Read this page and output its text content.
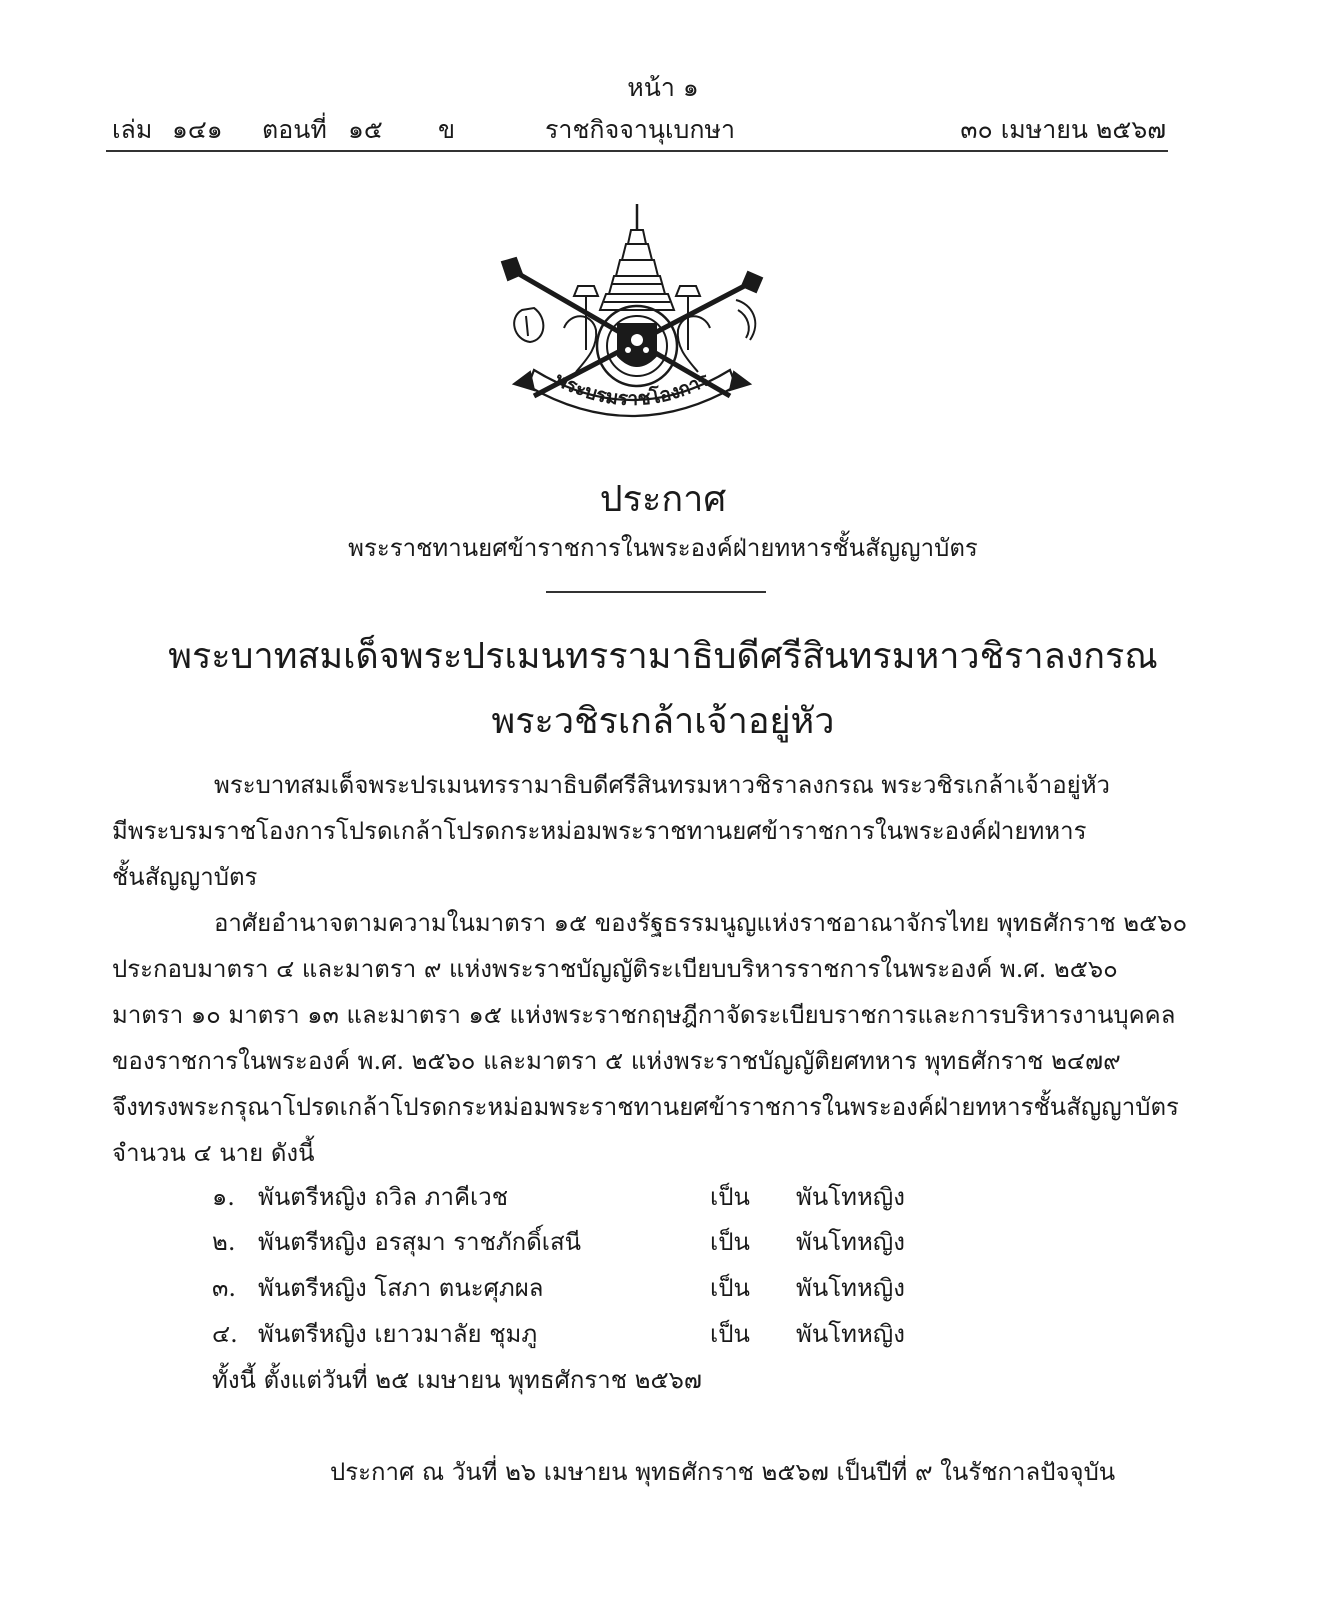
หน้า ๑
เล่ม ๑๔๑ ตอนที่ ๑๕ ข	ราชกิจจานุเบกษา	๓๐ เมษายน ๒๕๖๗
พระบรมราชโองการ
ประกาศ
พระราชทานยศข้าราชการในพระองค์ฝ่ายทหารชั้นสัญญาบัตร
พระบาทสมเด็จพระปรเมนทรรามาธิบดีศรีสินทรมหาวชิราลงกรณ
พระวชิรเกล้าเจ้าอยู่หัว
พระบาทสมเด็จพระปรเมนทรรามาธิบดีศรีสินทรมหาวชิราลงกรณ พระวชิรเกล้าเจ้าอยู่หัว
มีพระบรมราชโองการโปรดเกล้าโปรดกระหม่อมพระราชทานยศข้าราชการในพระองค์ฝ่ายทหาร
ชั้นสัญญาบัตร
อาศัยอำนาจตามความในมาตรา ๑๕ ของรัฐธรรมนูญแห่งราชอาณาจักรไทย พุทธศักราช ๒๕๖๐
ประกอบมาตรา ๔ และมาตรา ๙ แห่งพระราชบัญญัติระเบียบบริหารราชการในพระองค์ พ.ศ. ๒๕๖๐
มาตรา ๑๐ มาตรา ๑๓ และมาตรา ๑๕ แห่งพระราชกฤษฎีกาจัดระเบียบราชการและการบริหารงานบุคคล
ของราชการในพระองค์ พ.ศ. ๒๕๖๐ และมาตรา ๕ แห่งพระราชบัญญัติยศทหาร พุทธศักราช ๒๔๗๙
จึงทรงพระกรุณาโปรดเกล้าโปรดกระหม่อมพระราชทานยศข้าราชการในพระองค์ฝ่ายทหารชั้นสัญญาบัตร
จำนวน ๔ นาย ดังนี้
๑. พันตรีหญิง ถวิล ภาคีเวช	เป็น พันโทหญิง
๒. พันตรีหญิง อรสุมา ราชภักดิ์เสนี	เป็น พันโทหญิง
๓. พันตรีหญิง โสภา ตนะศุภผล	เป็น พันโทหญิง
๔. พันตรีหญิง เยาวมาลัย ชุมภู	เป็น พันโทหญิง
ทั้งนี้ ตั้งแต่วันที่ ๒๕ เมษายน พุทธศักราช ๒๕๖๗
ประกาศ ณ วันที่ ๒๖ เมษายน พุทธศักราช ๒๕๖๗ เป็นปีที่ ๙ ในรัชกาลปัจจุบัน
